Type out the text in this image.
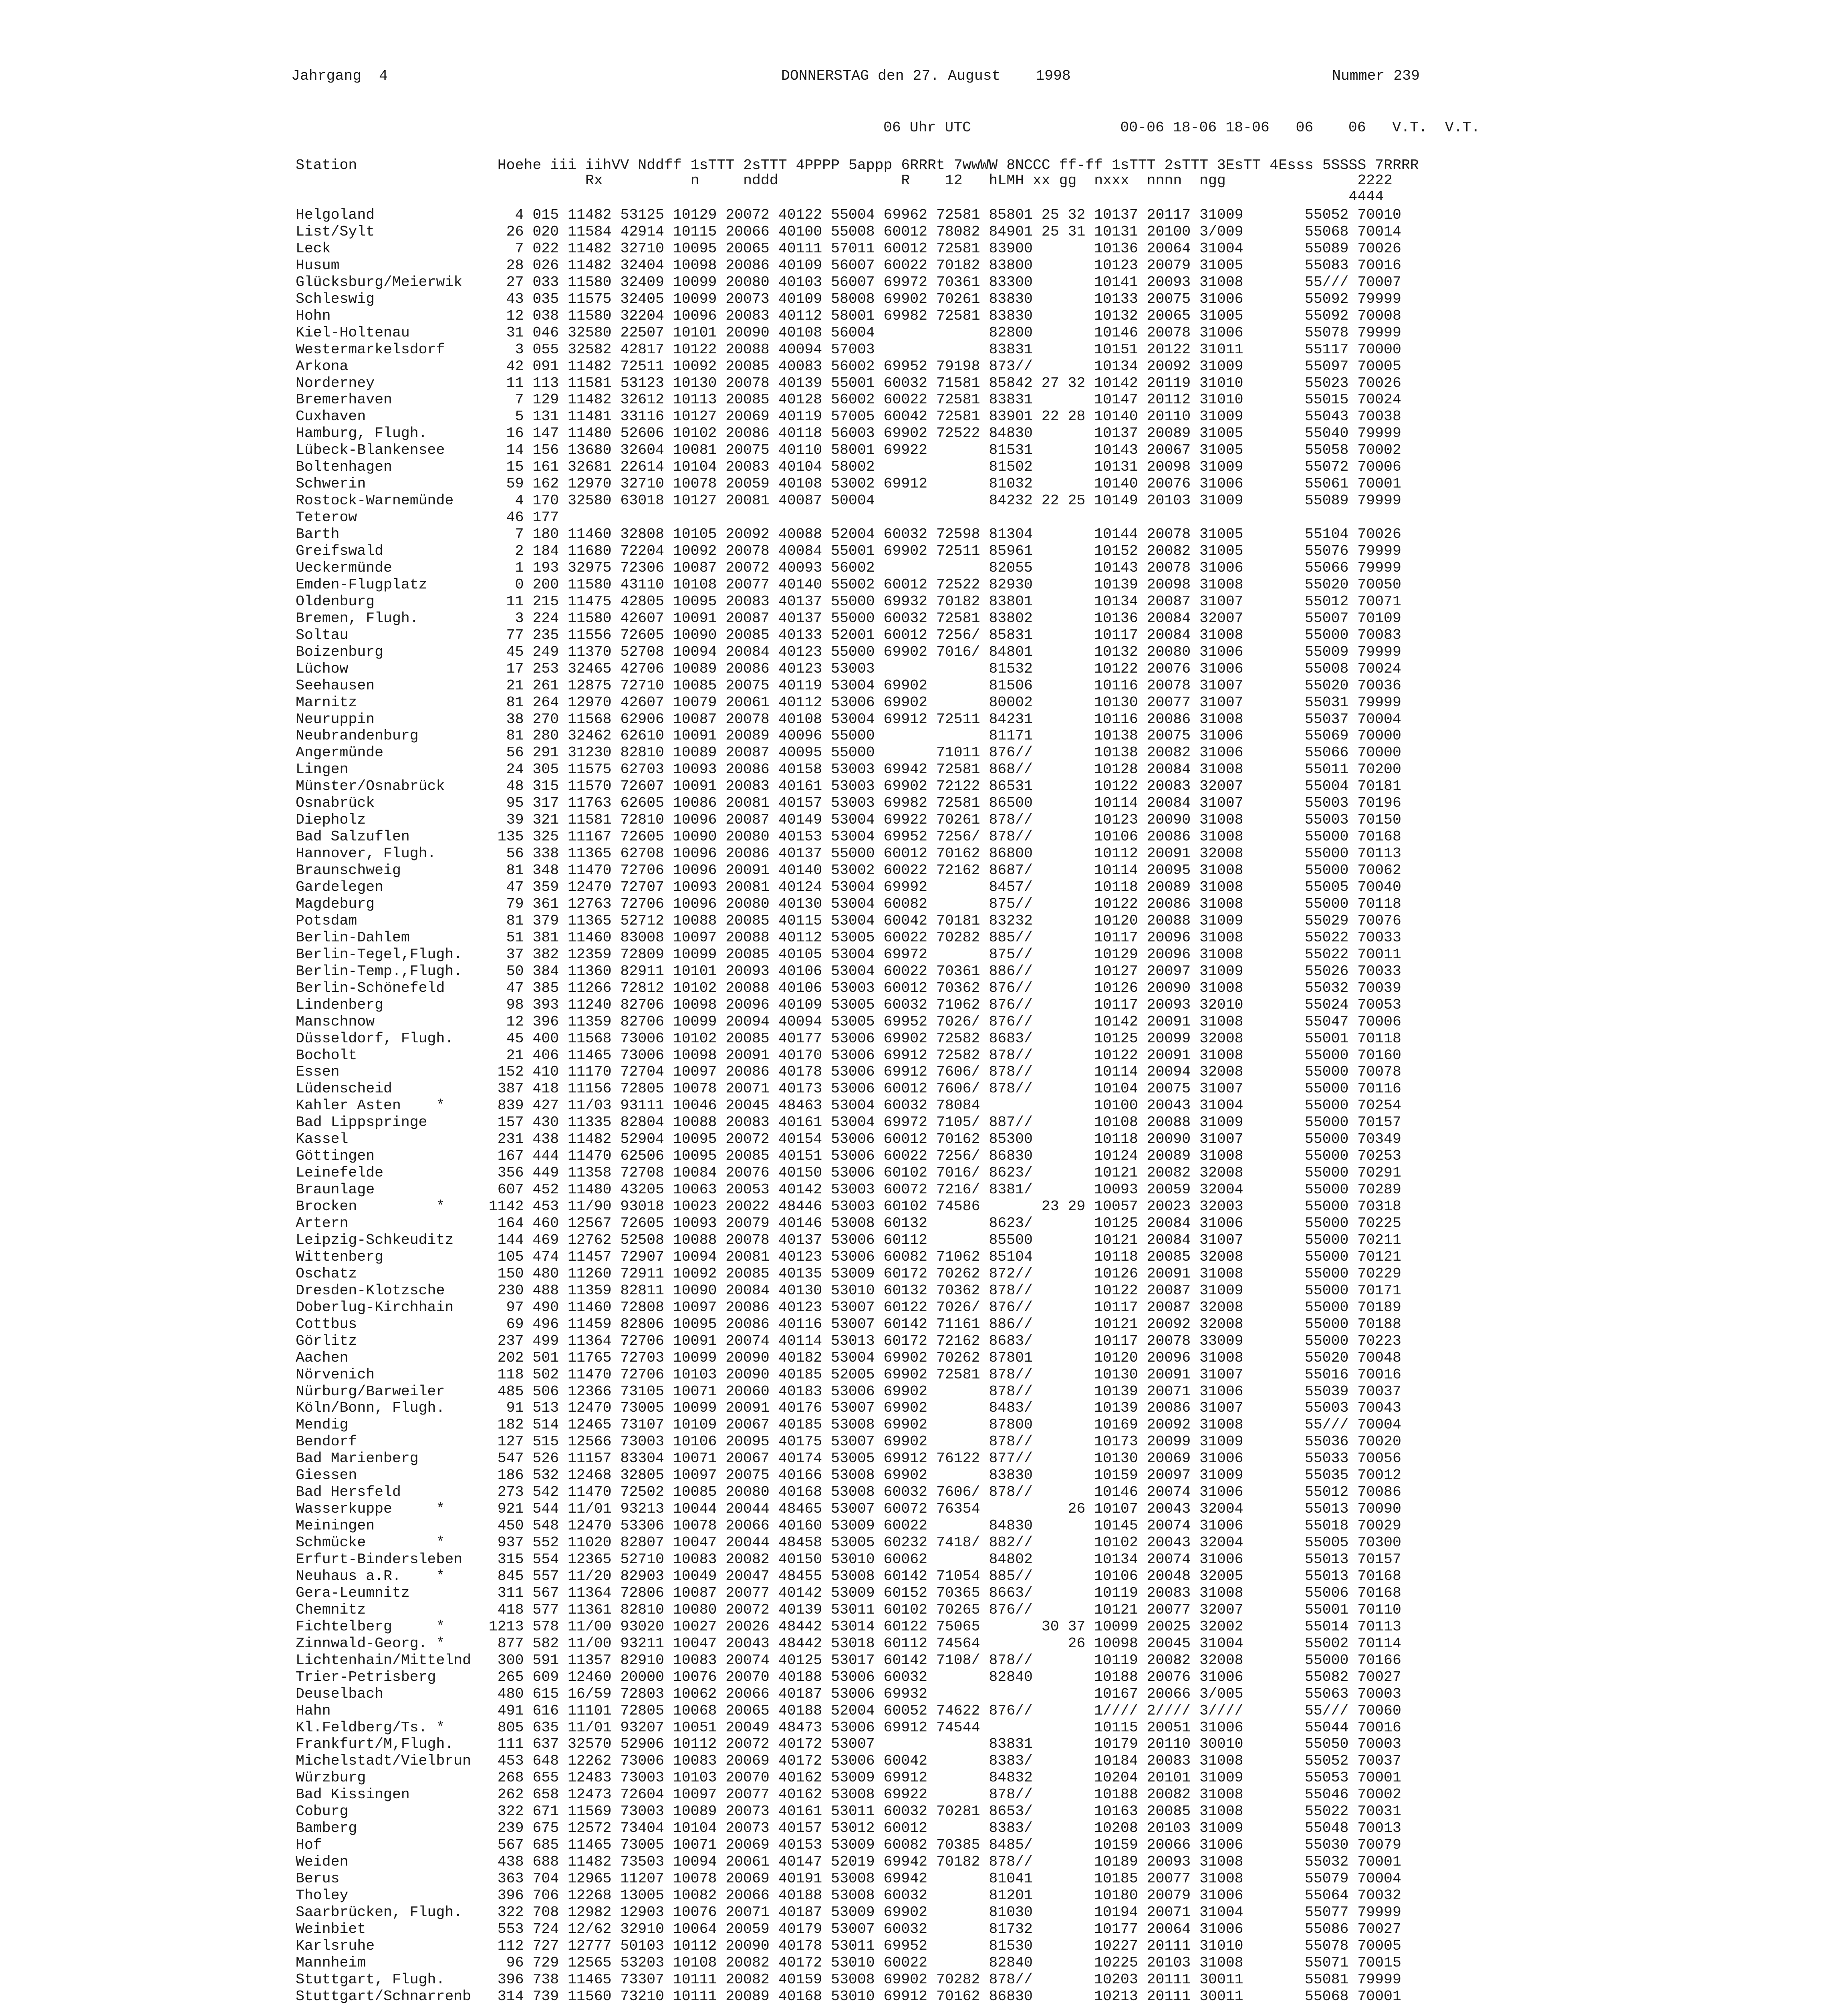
Jahrgang  4	DONNERSTAG den 27. August    1998	Nummer 239
06 Uhr UTC                 00-06 18-06 18-06   06    06   V.T.  V.T.
Station                Hoehe iii iihVV Nddff 1sTTT 2sTTT 4PPPP 5appp 6RRRt 7wwWW 8NCCC ff-ff 1sTTT 2sTTT 3EsTT 4Esss 5SSSS 7RRRR
Rx          n     nddd              R    12   hLMH xx gg  nxxx  nnnn  ngg               2222
4444
Helgoland                4 015 11482 53125 10129 20072 40122 55004 69962 72581 85801 25 32 10137 20117 31009       55052 70010
List/Sylt               26 020 11584 42914 10115 20066 40100 55008 60012 78082 84901 25 31 10131 20100 3/009       55068 70014
Leck                     7 022 11482 32710 10095 20065 40111 57011 60012 72581 83900       10136 20064 31004       55089 70026
Husum                   28 026 11482 32404 10098 20086 40109 56007 60022 70182 83800       10123 20079 31005       55083 70016
Glücksburg/Meierwik     27 033 11580 32409 10099 20080 40103 56007 69972 70361 83300       10141 20093 31008       55/// 70007
Schleswig               43 035 11575 32405 10099 20073 40109 58008 69902 70261 83830       10133 20075 31006       55092 79999
Hohn                    12 038 11580 32204 10096 20083 40112 58001 69982 72581 83830       10132 20065 31005       55092 70008
Kiel-Holtenau           31 046 32580 22507 10101 20090 40108 56004             82800       10146 20078 31006       55078 79999
Westermarkelsdorf        3 055 32582 42817 10122 20088 40094 57003             83831       10151 20122 31011       55117 70000
Arkona                  42 091 11482 72511 10092 20085 40083 56002 69952 79198 873//       10134 20092 31009       55097 70005
Norderney               11 113 11581 53123 10130 20078 40139 55001 60032 71581 85842 27 32 10142 20119 31010       55023 70026
Bremerhaven              7 129 11482 32612 10113 20085 40128 56002 60022 72581 83831       10147 20112 31010       55015 70024
Cuxhaven                 5 131 11481 33116 10127 20069 40119 57005 60042 72581 83901 22 28 10140 20110 31009       55043 70038
Hamburg, Flugh.         16 147 11480 52606 10102 20086 40118 56003 69902 72522 84830       10137 20089 31005       55040 79999
Lübeck-Blankensee       14 156 13680 32604 10081 20075 40110 58001 69922       81531       10143 20067 31005       55058 70002
Boltenhagen             15 161 32681 22614 10104 20083 40104 58002             81502       10131 20098 31009       55072 70006
Schwerin                59 162 12970 32710 10078 20059 40108 53002 69912       81032       10140 20076 31006       55061 70001
Rostock-Warnemünde       4 170 32580 63018 10127 20081 40087 50004             84232 22 25 10149 20103 31009       55089 79999
Teterow                 46 177
Barth                    7 180 11460 32808 10105 20092 40088 52004 60032 72598 81304       10144 20078 31005       55104 70026
Greifswald               2 184 11680 72204 10092 20078 40084 55001 69902 72511 85961       10152 20082 31005       55076 79999
Ueckermünde              1 193 32975 72306 10087 20072 40093 56002             82055       10143 20078 31006       55066 79999
Emden-Flugplatz          0 200 11580 43110 10108 20077 40140 55002 60012 72522 82930       10139 20098 31008       55020 70050
Oldenburg               11 215 11475 42805 10095 20083 40137 55000 69932 70182 83801       10134 20087 31007       55012 70071
Bremen, Flugh.           3 224 11580 42607 10091 20087 40137 55000 60032 72581 83802       10136 20084 32007       55007 70109
Soltau                  77 235 11556 72605 10090 20085 40133 52001 60012 7256/ 85831       10117 20084 31008       55000 70083
Boizenburg              45 249 11370 52708 10094 20084 40123 55000 69902 7016/ 84801       10132 20080 31006       55009 79999
Lüchow                  17 253 32465 42706 10089 20086 40123 53003             81532       10122 20076 31006       55008 70024
Seehausen               21 261 12875 72710 10085 20075 40119 53004 69902       81506       10116 20078 31007       55020 70036
Marnitz                 81 264 12970 42607 10079 20061 40112 53006 69902       80002       10130 20077 31007       55031 79999
Neuruppin               38 270 11568 62906 10087 20078 40108 53004 69912 72511 84231       10116 20086 31008       55037 70004
Neubrandenburg          81 280 32462 62610 10091 20089 40096 55000             81171       10138 20075 31006       55069 70000
Angermünde              56 291 31230 82810 10089 20087 40095 55000       71011 876//       10138 20082 31006       55066 70000
Lingen                  24 305 11575 62703 10093 20086 40158 53003 69942 72581 868//       10128 20084 31008       55011 70200
Münster/Osnabrück       48 315 11570 72607 10091 20083 40161 53003 69902 72122 86531       10122 20083 32007       55004 70181
Osnabrück               95 317 11763 62605 10086 20081 40157 53003 69982 72581 86500       10114 20084 31007       55003 70196
Diepholz                39 321 11581 72810 10096 20087 40149 53004 69922 70261 878//       10123 20090 31008       55003 70150
Bad Salzuflen          135 325 11167 72605 10090 20080 40153 53004 69952 7256/ 878//       10106 20086 31008       55000 70168
Hannover, Flugh.        56 338 11365 62708 10096 20086 40137 55000 60012 70162 86800       10112 20091 32008       55000 70113
Braunschweig            81 348 11470 72706 10096 20091 40140 53002 60022 72162 8687/       10114 20095 31008       55000 70062
Gardelegen              47 359 12470 72707 10093 20081 40124 53004 69992       8457/       10118 20089 31008       55005 70040
Magdeburg               79 361 12763 72706 10096 20080 40130 53004 60082       875//       10122 20086 31008       55000 70118
Potsdam                 81 379 11365 52712 10088 20085 40115 53004 60042 70181 83232       10120 20088 31009       55029 70076
Berlin-Dahlem           51 381 11460 83008 10097 20088 40112 53005 60022 70282 885//       10117 20096 31008       55022 70033
Berlin-Tegel,Flugh.     37 382 12359 72809 10099 20085 40105 53004 69972       875//       10129 20096 31008       55022 70011
Berlin-Temp.,Flugh.     50 384 11360 82911 10101 20093 40106 53004 60022 70361 886//       10127 20097 31009       55026 70033
Berlin-Schönefeld       47 385 11266 72812 10102 20088 40106 53003 60012 70362 876//       10126 20090 31008       55032 70039
Lindenberg              98 393 11240 82706 10098 20096 40109 53005 60032 71062 876//       10117 20093 32010       55024 70053
Manschnow               12 396 11359 82706 10099 20094 40094 53005 69952 7026/ 876//       10142 20091 31008       55047 70006
Düsseldorf, Flugh.      45 400 11568 73006 10102 20085 40177 53006 69902 72582 8683/       10125 20099 32008       55001 70118
Bocholt                 21 406 11465 73006 10098 20091 40170 53006 69912 72582 878//       10122 20091 31008       55000 70160
Essen                  152 410 11170 72704 10097 20086 40178 53006 69912 7606/ 878//       10114 20094 32008       55000 70078
Lüdenscheid            387 418 11156 72805 10078 20071 40173 53006 60012 7606/ 878//       10104 20075 31007       55000 70116
Kahler Asten    *      839 427 11/03 93111 10046 20045 48463 53004 60032 78084             10100 20043 31004       55000 70254
Bad Lippspringe        157 430 11335 82804 10088 20083 40161 53004 69972 7105/ 887//       10108 20088 31009       55000 70157
Kassel                 231 438 11482 52904 10095 20072 40154 53006 60012 70162 85300       10118 20090 31007       55000 70349
Göttingen              167 444 11470 62506 10095 20085 40151 53006 60022 7256/ 86830       10124 20089 31008       55000 70253
Leinefelde             356 449 11358 72708 10084 20076 40150 53006 60102 7016/ 8623/       10121 20082 32008       55000 70291
Braunlage              607 452 11480 43205 10063 20053 40142 53003 60072 7216/ 8381/       10093 20059 32004       55000 70289
Brocken         *     1142 453 11/90 93018 10023 20022 48446 53003 60102 74586       23 29 10057 20023 32003       55000 70318
Artern                 164 460 12567 72605 10093 20079 40146 53008 60132       8623/       10125 20084 31006       55000 70225
Leipzig-Schkeuditz     144 469 12762 52508 10088 20078 40137 53006 60112       85500       10121 20084 31007       55000 70211
Wittenberg             105 474 11457 72907 10094 20081 40123 53006 60082 71062 85104       10118 20085 32008       55000 70121
Oschatz                150 480 11260 72911 10092 20085 40135 53009 60172 70262 872//       10126 20091 31008       55000 70229
Dresden-Klotzsche      230 488 11359 82811 10090 20084 40130 53010 60132 70362 878//       10122 20087 31009       55000 70171
Doberlug-Kirchhain      97 490 11460 72808 10097 20086 40123 53007 60122 7026/ 876//       10117 20087 32008       55000 70189
Cottbus                 69 496 11459 82806 10095 20086 40116 53007 60142 71161 886//       10121 20092 32008       55000 70188
Görlitz                237 499 11364 72706 10091 20074 40114 53013 60172 72162 8683/       10117 20078 33009       55000 70223
Aachen                 202 501 11765 72703 10099 20090 40182 53004 69902 70262 87801       10120 20096 31008       55020 70048
Nörvenich              118 502 11470 72706 10103 20090 40185 52005 69902 72581 878//       10130 20091 31007       55016 70016
Nürburg/Barweiler      485 506 12366 73105 10071 20060 40183 53006 69902       878//       10139 20071 31006       55039 70037
Köln/Bonn, Flugh.       91 513 12470 73005 10099 20091 40176 53007 69902       8483/       10139 20086 31007       55003 70043
Mendig                 182 514 12465 73107 10109 20067 40185 53008 69902       87800       10169 20092 31008       55/// 70004
Bendorf                127 515 12566 73003 10106 20095 40175 53007 69902       878//       10173 20099 31009       55036 70020
Bad Marienberg         547 526 11157 83304 10071 20067 40174 53005 69912 76122 877//       10130 20069 31006       55033 70056
Giessen                186 532 12468 32805 10097 20075 40166 53008 69902       83830       10159 20097 31009       55035 70012
Bad Hersfeld           273 542 11470 72502 10085 20080 40168 53008 60032 7606/ 878//       10146 20074 31006       55012 70086
Wasserkuppe     *      921 544 11/01 93213 10044 20044 48465 53007 60072 76354          26 10107 20043 32004       55013 70090
Meiningen              450 548 12470 53306 10078 20066 40160 53009 60022       84830       10145 20074 31006       55018 70029
Schmücke        *      937 552 11020 82807 10047 20044 48458 53005 60232 7418/ 882//       10102 20043 32004       55005 70300
Erfurt-Bindersleben    315 554 12365 52710 10083 20082 40150 53010 60062       84802       10134 20074 31006       55013 70157
Neuhaus a.R.    *      845 557 11/20 82903 10049 20047 48455 53008 60142 71054 885//       10106 20048 32005       55013 70168
Gera-Leumnitz          311 567 11364 72806 10087 20077 40142 53009 60152 70365 8663/       10119 20083 31008       55006 70168
Chemnitz               418 577 11361 82810 10080 20072 40139 53011 60102 70265 876//       10121 20077 32007       55001 70110
Fichtelberg     *     1213 578 11/00 93020 10027 20026 48442 53014 60122 75065       30 37 10099 20025 32002       55014 70113
Zinnwald-Georg. *      877 582 11/00 93211 10047 20043 48442 53018 60112 74564          26 10098 20045 31004       55002 70114
Lichtenhain/Mittelnd   300 591 11357 82910 10083 20074 40125 53017 60142 7108/ 878//       10119 20082 32008       55000 70166
Trier-Petrisberg       265 609 12460 20000 10076 20070 40188 53006 60032       82840       10188 20076 31006       55082 70027
Deuselbach             480 615 16/59 72803 10062 20066 40187 53006 69932                   10167 20066 3/005       55063 70003
Hahn                   491 616 11101 72805 10068 20065 40188 52004 60052 74622 876//       1//// 2//// 3////       55/// 70060
Kl.Feldberg/Ts. *      805 635 11/01 93207 10051 20049 48473 53006 69912 74544             10115 20051 31006       55044 70016
Frankfurt/M,Flugh.     111 637 32570 52906 10112 20072 40172 53007             83831       10179 20110 30010       55050 70003
Michelstadt/Vielbrun   453 648 12262 73006 10083 20069 40172 53006 60042       8383/       10184 20083 31008       55052 70037
Würzburg               268 655 12483 73003 10103 20070 40162 53009 69912       84832       10204 20101 31009       55053 70001
Bad Kissingen          262 658 12473 72604 10097 20077 40162 53008 69922       878//       10188 20082 31008       55046 70002
Coburg                 322 671 11569 73003 10089 20073 40161 53011 60032 70281 8653/       10163 20085 31008       55022 70031
Bamberg                239 675 12572 73404 10104 20073 40157 53012 60012       8383/       10208 20103 31009       55048 70013
Hof                    567 685 11465 73005 10071 20069 40153 53009 60082 70385 8485/       10159 20066 31006       55030 70079
Weiden                 438 688 11482 73503 10094 20061 40147 52019 69942 70182 878//       10189 20093 31008       55032 70001
Berus                  363 704 12965 11207 10078 20069 40191 53008 69942       81041       10185 20077 31008       55079 70004
Tholey                 396 706 12268 13005 10082 20066 40188 53008 60032       81201       10180 20079 31006       55064 70032
Saarbrücken, Flugh.    322 708 12982 12903 10076 20071 40187 53009 69902       81030       10194 20071 31004       55077 79999
Weinbiet               553 724 12/62 32910 10064 20059 40179 53007 60032       81732       10177 20064 31006       55086 70027
Karlsruhe              112 727 12777 50103 10112 20090 40178 53011 69952       81530       10227 20111 31010       55078 70005
Mannheim                96 729 12565 53203 10108 20082 40172 53010 60022       82840       10225 20103 31008       55071 70015
Stuttgart, Flugh.      396 738 11465 73307 10111 20082 40159 53008 69902 70282 878//       10203 20111 30011       55081 79999
Stuttgart/Schnarrenb   314 739 11560 73210 10111 20089 40168 53010 69912 70162 86830       10213 20111 30011       55068 70001
